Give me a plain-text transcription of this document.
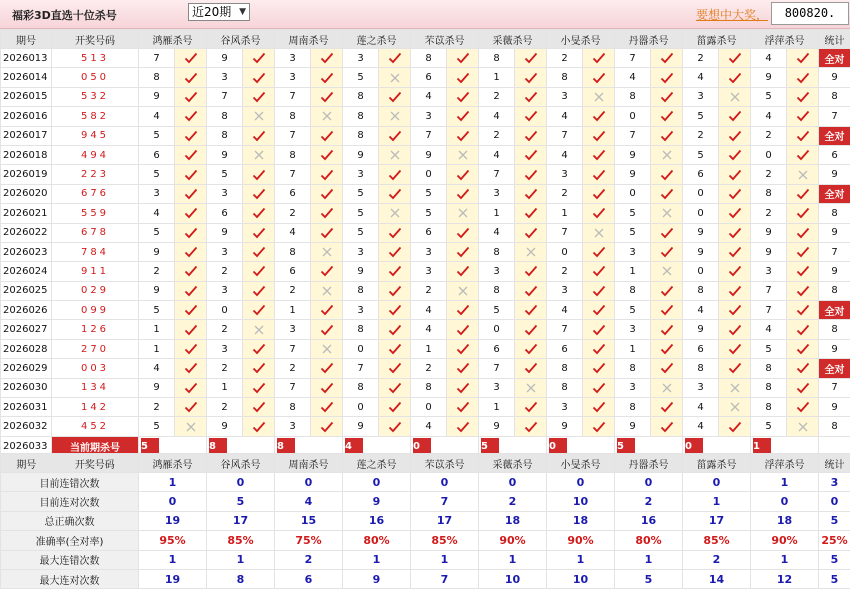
福彩3D直选十位杀号	近20期 ▼	要想中大奖，	800820.
期号	开奖号码	鸿雁杀号		谷风杀号		周南杀号		莲之杀号		芣苡杀号		采薇杀号		小旻杀号		丹嚣杀号		菑露杀号		浮萍杀号		统计
2026013	513	7		9		3		3		8		8		2		7		2		4		全对
2026014	050	8		3		3		5		6		1		8		4		4		9		9
2026015	532	9		7		7		8		4		2		3		8		3		5		8
2026016	582	4		8		8		8		3		4		4		0		5		4		7
2026017	945	5		8		7		8		7		2		7		7		2		2		全对
2026018	494	6		9		8		9		9		4		4		9		5		0		6
2026019	223	5		5		7		3		0		7		3		9		6		2		9
2026020	676	3		3		6		5		5		3		2		0		0		8		全对
2026021	559	4		6		2		5		5		1		1		5		0		2		8
2026022	678	5		9		4		5		6		4		7		5		9		9		9
2026023	784	9		3		8		3		3		8		0		3		9		9		7
2026024	911	2		2		6		9		3		3		2		1		0		3		9
2026025	029	9		3		2		8		2		8		3		8		8		7		8
2026026	099	5		0		1		3		4		5		4		5		4		7		全对
2026027	126	1		2		3		8		4		0		7		3		9		4		8
2026028	270	1		3		7		0		1		6		6		1		6		5		9
2026029	003	4		2		2		7		2		7		8		8		8		8		全对
2026030	134	9		1		7		8		8		3		8		3		3		8		7
2026031	142	2		2		8		0		0		1		3		8		4		8		9
2026032	452	5		9		3		9		4		9		9		9		4		5		8
2026033	当前期杀号	5		8		8		4		0		5		0		5		0		1		
期号 开奖号码	鸿雁杀号	谷风杀号	周南杀号	莲之杀号	芣苡杀号	采薇杀号	小旻杀号	丹嚣杀号	菑露杀号	浮萍杀号	统计
目前连错次数	1	0	0	0	0	0	0	0	0	1	3
目前连对次数	0	5	4	9	7	2	10	2	1	0	0
总正确次数	19	17	15	16	17	18	18	16	17	18	5
准确率(全对率)	95%	85%	75%	80%	85%	90%	90%	80%	85%	90%	25%
最大连错次数	1	1	2	1	1	1	1	1	2	1	5
最大连对次数	19	8	6	9	7	10	10	5	14	12	5
